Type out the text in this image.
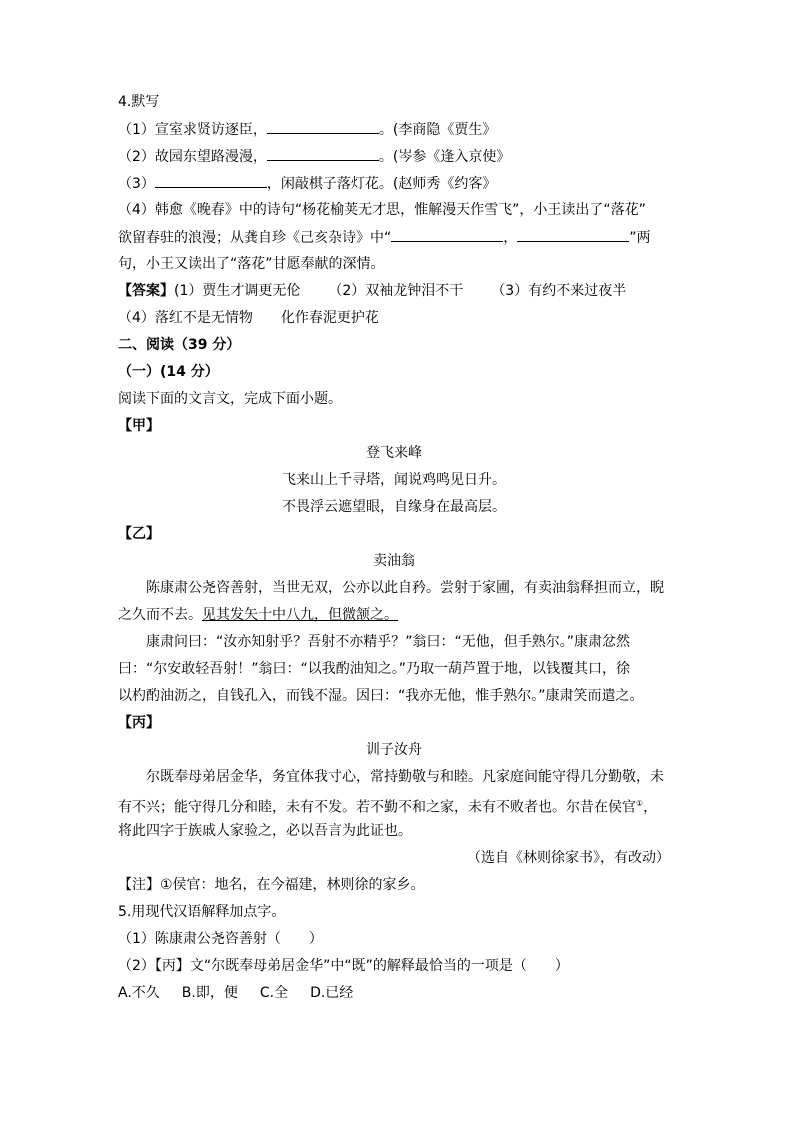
4.默写
（1）宣室求贤访逐臣，	。(李商隐《贾生》
（2）故园东望路漫漫，	。(岑参《逢入京使》
（3）	，闲敲棋子落灯花。(赵师秀《约客》
（4）韩愈《晚春》中的诗句“杨花榆荚无才思，惟解漫天作雪飞”，小王读出了“落花”
欲留春驻的浪漫；从龚自珍《己亥杂诗》中“	，	”两
句，小王又读出了“落花”甘愿奉献的深情。
【答案】(1）贾生才调更无伦 （2）双袖龙钟泪不干 （3）有约不来过夜半
（4）落红不是无情物 化作春泥更护花
二、阅读（39 分）
（一）(14 分）
阅读下面的文言文，完成下面小题。
【甲】
登飞来峰
飞来山上千寻塔，闻说鸡鸣见日升。
不畏浮云遮望眼，自缘身在最高层。
【乙】
卖油翁
陈康肃公尧咨善射，当世无双，公亦以此自矜。尝射于家圃，有卖油翁释担而立，睨
之久而不去。见其发矢十中八九，但微颔之。
康肃问曰：“汝亦知射乎？吾射不亦精乎？”翁曰：“无他，但手熟尔。”康肃忿然
曰：“尔安敢轻吾射！”翁曰：“以我酌油知之。”乃取一葫芦置于地，以钱覆其口，徐
以杓酌油沥之，自钱孔入，而钱不湿。因曰：“我亦无他，惟手熟尔。”康肃笑而遣之。
【丙】
训子汝舟
尔既奉母弟居金华，务宜体我寸心，常持勤敬与和睦。凡家庭间能守得几分勤敬，未
有不兴；能守得几分和睦，未有不发。若不勤不和之家，未有不败者也。尔昔在侯官①，
将此四字于族戚人家验之，必以吾言为此证也。
（选自《林则徐家书》，有改动）
【注】①侯官：地名，在今福建，林则徐的家乡。
5.用现代汉语解释加点字。
（1）陈康肃公尧咨善射（　　）
（2）【丙】文“尔既奉母弟居金华”中“既”的解释最恰当的一项是（　　）
A.不久 B.即，便 C.全 D.已经
